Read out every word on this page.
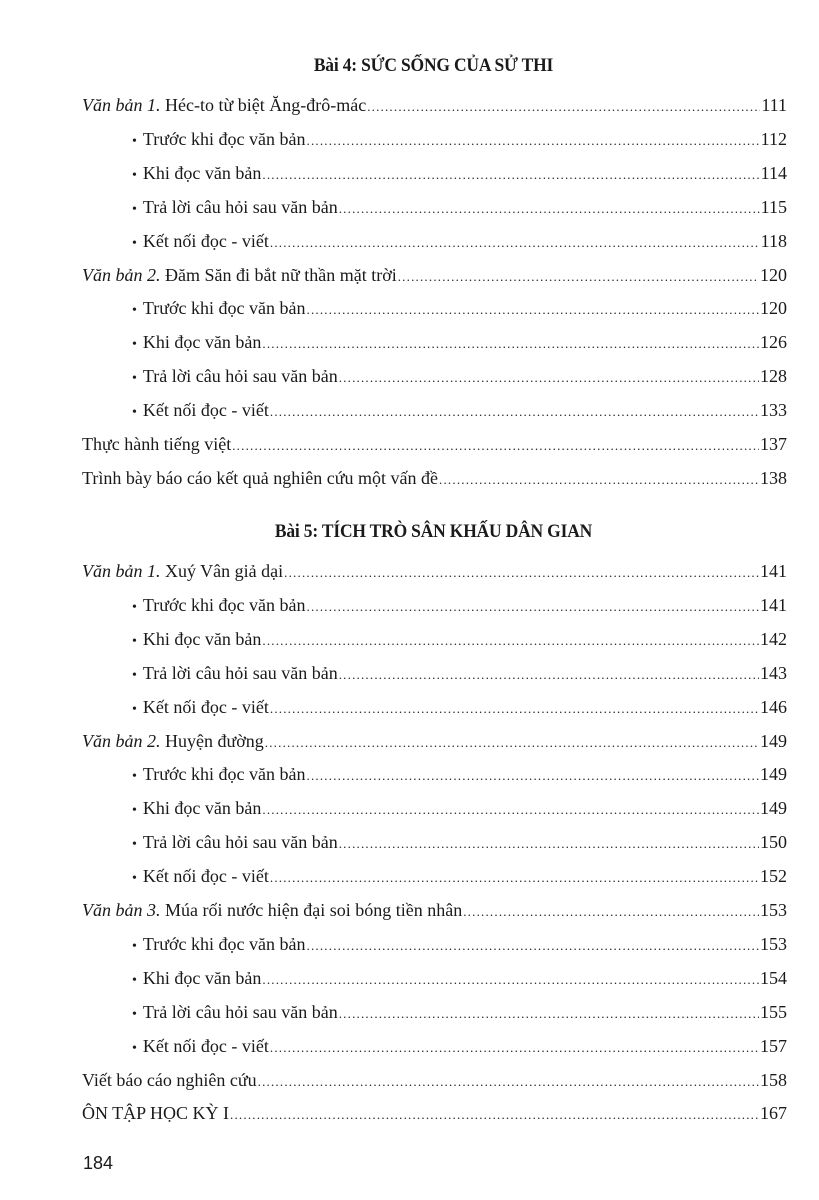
Bài 4: SỨC SỐNG CỦA SỬ THI
Văn bản 1. Héc-to từ biệt Ăng-đrô-mác .....	111
• Trước khi đọc văn bản .....	112
• Khi đọc văn bản .....	114
• Trả lời câu hỏi sau văn bản .....	115
• Kết nối đọc - viết .....	118
Văn bản 2. Đăm Săn đi bắt nữ thần mặt trời .....	120
• Trước khi đọc văn bản .....	120
• Khi đọc văn bản .....	126
• Trả lời câu hỏi sau văn bản .....	128
• Kết nối đọc - viết .....	133
Thực hành tiếng việt .....	137
Trình bày báo cáo kết quả nghiên cứu một vấn đề .....	138
Bài 5: TÍCH TRÒ SÂN KHẤU DÂN GIAN
Văn bản 1. Xuý Vân giả dại .....	141
• Trước khi đọc văn bản .....	141
• Khi đọc văn bản .....	142
• Trả lời câu hỏi sau văn bản .....	143
• Kết nối đọc - viết .....	146
Văn bản 2. Huyện đường .....	149
• Trước khi đọc văn bản .....	149
• Khi đọc văn bản .....	149
• Trả lời câu hỏi sau văn bản .....	150
• Kết nối đọc - viết .....	152
Văn bản 3. Múa rối nước hiện đại soi bóng tiền nhân .....	153
• Trước khi đọc văn bản .....	153
• Khi đọc văn bản .....	154
• Trả lời câu hỏi sau văn bản .....	155
• Kết nối đọc - viết .....	157
Viết báo cáo nghiên cứu .....	158
ÔN TẬP HỌC KỲ I .....	167
184
